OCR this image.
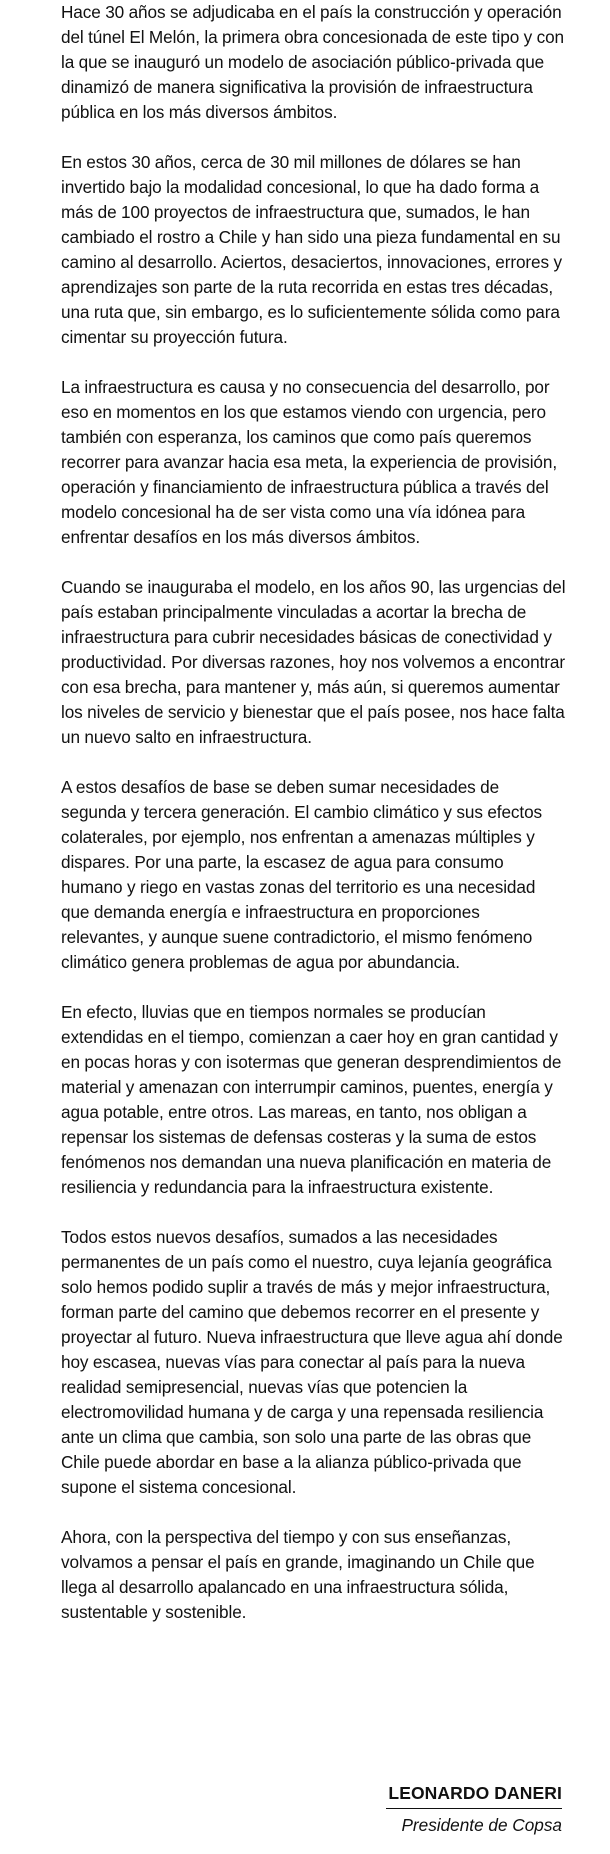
Hace 30 años se adjudicaba en el país la construcción y operación del túnel El Melón, la primera obra concesionada de este tipo y con la que se inauguró un modelo de asociación público-privada que dinamizó de manera significativa la provisión de infraestructura pública en los más diversos ámbitos.

En estos 30 años, cerca de 30 mil millones de dólares se han invertido bajo la modalidad concesional, lo que ha dado forma a más de 100 proyectos de infraestructura que, sumados, le han cambiado el rostro a Chile y han sido una pieza fundamental en su camino al desarrollo. Aciertos, desaciertos, innovaciones, errores y aprendizajes son parte de la ruta recorrida en estas tres décadas, una ruta que, sin embargo, es lo suficientemente sólida como para cimentar su proyección futura.

La infraestructura es causa y no consecuencia del desarrollo, por eso en momentos en los que estamos viendo con urgencia, pero también con esperanza, los caminos que como país queremos recorrer para avanzar hacia esa meta, la experiencia de provisión, operación y financiamiento de infraestructura pública a través del modelo concesional ha de ser vista como una vía idónea para enfrentar desafíos en los más diversos ámbitos.

Cuando se inauguraba el modelo, en los años 90, las urgencias del país estaban principalmente vinculadas a acortar la brecha de infraestructura para cubrir necesidades básicas de conectividad y productividad. Por diversas razones, hoy nos volvemos a encontrar con esa brecha, para mantener y, más aún, si queremos aumentar los niveles de servicio y bienestar que el país posee, nos hace falta un nuevo salto en infraestructura.

A estos desafíos de base se deben sumar necesidades de segunda y tercera generación. El cambio climático y sus efectos colaterales, por ejemplo, nos enfrentan a amenazas múltiples y dispares. Por una parte, la escasez de agua para consumo humano y riego en vastas zonas del territorio es una necesidad que demanda energía e infraestructura en proporciones relevantes, y aunque suene contradictorio, el mismo fenómeno climático genera problemas de agua por abundancia.

En efecto, lluvias que en tiempos normales se producían extendidas en el tiempo, comienzan a caer hoy en gran cantidad y en pocas horas y con isotermas que generan desprendimientos de material y amenazan con interrumpir caminos, puentes, energía y agua potable, entre otros. Las mareas, en tanto, nos obligan a repensar los sistemas de defensas costeras y la suma de estos fenómenos nos demandan una nueva planificación en materia de resiliencia y redundancia para la infraestructura existente.

Todos estos nuevos desafíos, sumados a las necesidades permanentes de un país como el nuestro, cuya lejanía geográfica solo hemos podido suplir a través de más y mejor infraestructura, forman parte del camino que debemos recorrer en el presente y proyectar al futuro. Nueva infraestructura que lleve agua ahí donde hoy escasea, nuevas vías para conectar al país para la nueva realidad semipresencial, nuevas vías que potencien la electromovilidad humana y de carga y una repensada resiliencia ante un clima que cambia, son solo una parte de las obras que Chile puede abordar en base a la alianza público-privada que supone el sistema concesional.

Ahora, con la perspectiva del tiempo y con sus enseñanzas, volvamos a pensar el país en grande, imaginando un Chile que llega al desarrollo apalancado en una infraestructura sólida, sustentable y sostenible.

LEONARDO DANERI
Presidente de Copsa
